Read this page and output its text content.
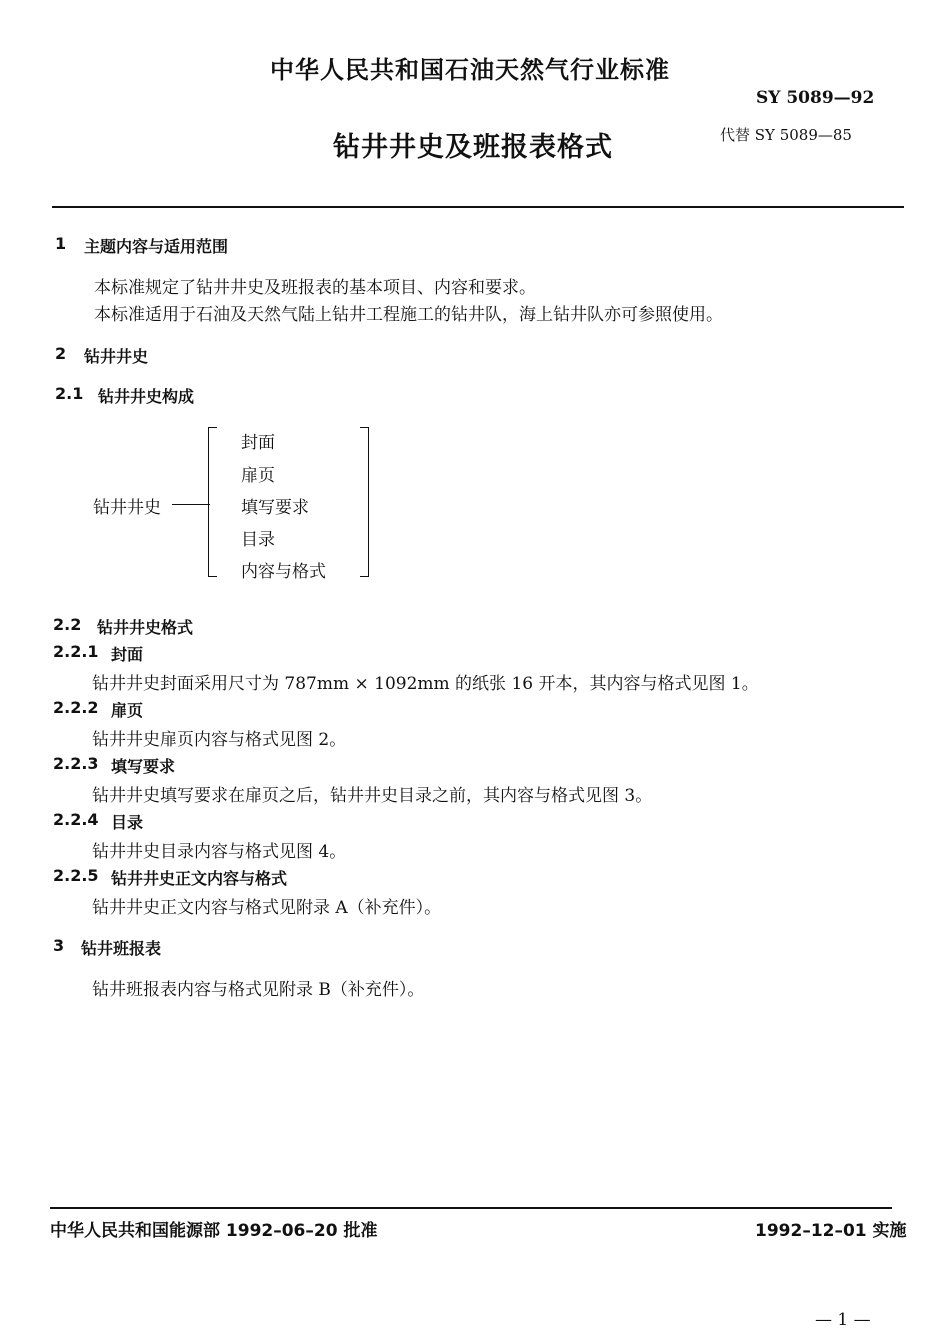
中华人民共和国石油天然气行业标准
SY 5089—92
钻井井史及班报表格式	代替 SY 5089—85
1 主题内容与适用范围
本标准规定了钻井井史及班报表的基本项目、内容和要求。
本标准适用于石油及天然气陆上钻井工程施工的钻井队，海上钻井队亦可参照使用。
2 钻井井史
2.1 钻井井史构成
钻井井史
封面
扉页
填写要求
目录
内容与格式
2.2 钻井井史格式
2.2.1 封面
钻井井史封面采用尺寸为 787mm × 1092mm 的纸张 16 开本，其内容与格式见图 1。
2.2.2 扉页
钻井井史扉页内容与格式见图 2。
2.2.3 填写要求
钻井井史填写要求在扉页之后，钻井井史目录之前，其内容与格式见图 3。
2.2.4 目录
钻井井史目录内容与格式见图 4。
2.2.5 钻井井史正文内容与格式
钻井井史正文内容与格式见附录 A（补充件）。
3 钻井班报表
钻井班报表内容与格式见附录 B（补充件）。
中华人民共和国能源部 1992–06–20 批准	1992–12–01 实施
— 1 —
